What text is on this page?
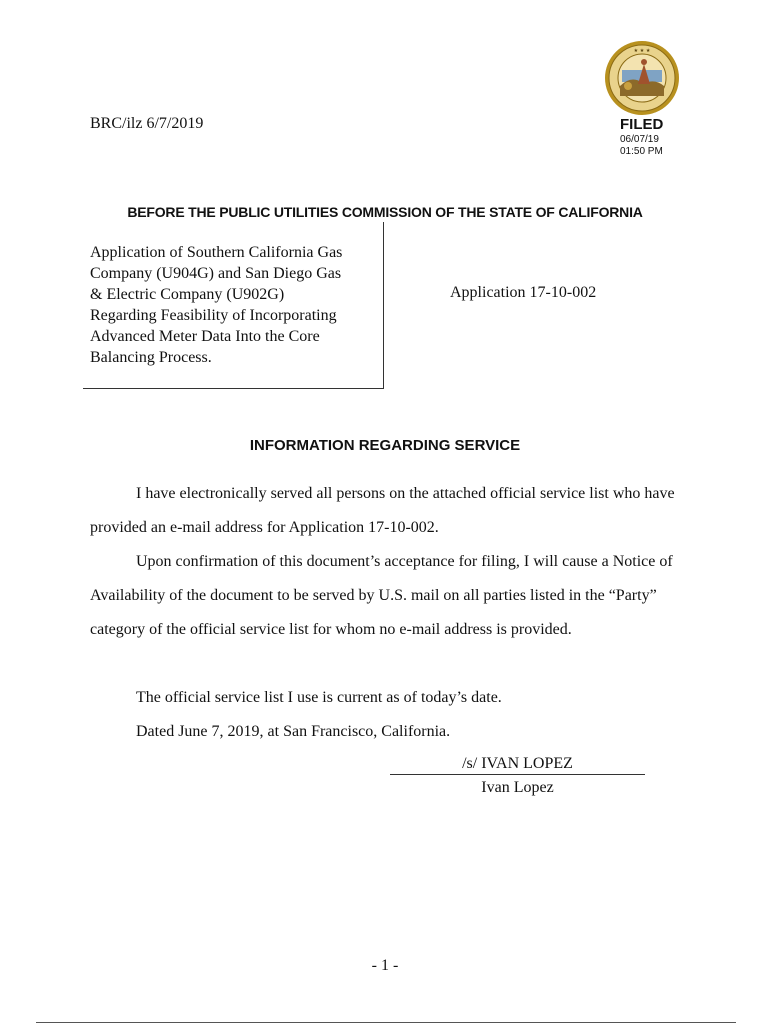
★ ★ ★
BRC/ilz 6/7/2019	FILED
06/07/19
01:50 PM
BEFORE THE PUBLIC UTILITIES COMMISSION OF THE STATE OF CALIFORNIA
Application of Southern California Gas
Company (U904G) and San Diego Gas
& Electric Company (U902G)
Regarding Feasibility of Incorporating
Advanced Meter Data Into the Core
Balancing Process.
Application 17-10-002
INFORMATION REGARDING SERVICE

I have electronically served all persons on the attached official service list who have provided an e-mail address for Application 17-10-002.

Upon confirmation of this document’s acceptance for filing, I will cause a Notice of Availability of the document to be served by U.S. mail on all parties listed in the “Party” category of the official service list for whom no e-mail address is provided.

The official service list I use is current as of today’s date.

Dated June 7, 2019, at San Francisco, California.

/s/ IVAN LOPEZ
Ivan Lopez
- 1 -
